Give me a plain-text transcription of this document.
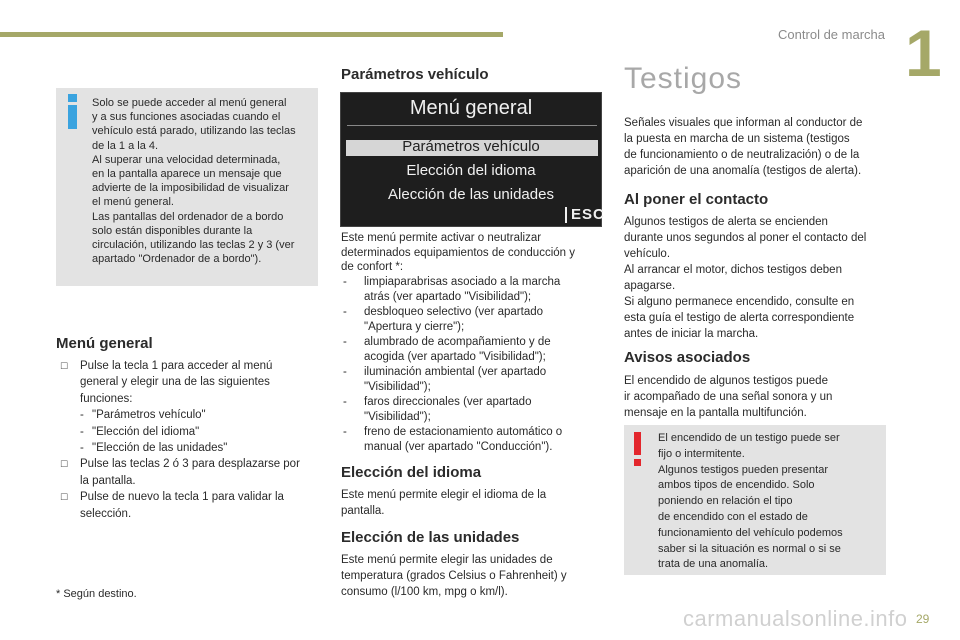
Control de marcha 1
Solo se puede acceder al menú general
y a sus funciones asociadas cuando el
vehículo está parado, utilizando las teclas
de la 1 a la 4.
Al superar una velocidad determinada,
en la pantalla aparece un mensaje que
advierte de la imposibilidad de visualizar
el menú general.
Las pantallas del ordenador de a bordo
solo están disponibles durante la
circulación, utilizando las teclas 2 y 3 (ver
apartado "Ordenador de a bordo").
Menú general
☐ Pulse la tecla 1 para acceder al menú
general y elegir una de las siguientes
funciones:
- "Parámetros vehículo"
- "Elección del idioma"
- "Elección de las unidades"
☐ Pulse las teclas 2 ó 3 para desplazarse por
la pantalla.
☐ Pulse de nuevo la tecla 1 para validar la
selección.
* Según destino.
Parámetros vehículo
Menú general
Parámetros vehículo
Elección del idioma
Alección de las unidades
ESC
Este menú permite activar o neutralizar
determinados equipamientos de conducción y
de confort *:
- limpiaparabrisas asociado a la marcha
atrás (ver apartado "Visibilidad");
- desbloqueo selectivo (ver apartado
"Apertura y cierre");
- alumbrado de acompañamiento y de
acogida (ver apartado "Visibilidad");
- iluminación ambiental (ver apartado
"Visibilidad");
- faros direccionales (ver apartado
"Visibilidad");
- freno de estacionamiento automático o
manual (ver apartado "Conducción").
Elección del idioma
Este menú permite elegir el idioma de la
pantalla.
Elección de las unidades
Este menú permite elegir las unidades de
temperatura (grados Celsius o Fahrenheit) y
consumo (l/100 km, mpg o km/l).
Testigos
Señales visuales que informan al conductor de
la puesta en marcha de un sistema (testigos
de funcionamiento o de neutralización) o de la
aparición de una anomalía (testigos de alerta).
Al poner el contacto
Algunos testigos de alerta se encienden
durante unos segundos al poner el contacto del
vehículo.
Al arrancar el motor, dichos testigos deben
apagarse.
Si alguno permanece encendido, consulte en
esta guía el testigo de alerta correspondiente
antes de iniciar la marcha.
Avisos asociados
El encendido de algunos testigos puede
ir acompañado de una señal sonora y un
mensaje en la pantalla multifunción.
El encendido de un testigo puede ser
fijo o intermitente.
Algunos testigos pueden presentar
ambos tipos de encendido. Solo
poniendo en relación el tipo
de encendido con el estado de
funcionamiento del vehículo podemos
saber si la situación es normal o si se
trata de una anomalía.
29
carmanualsonline.info
